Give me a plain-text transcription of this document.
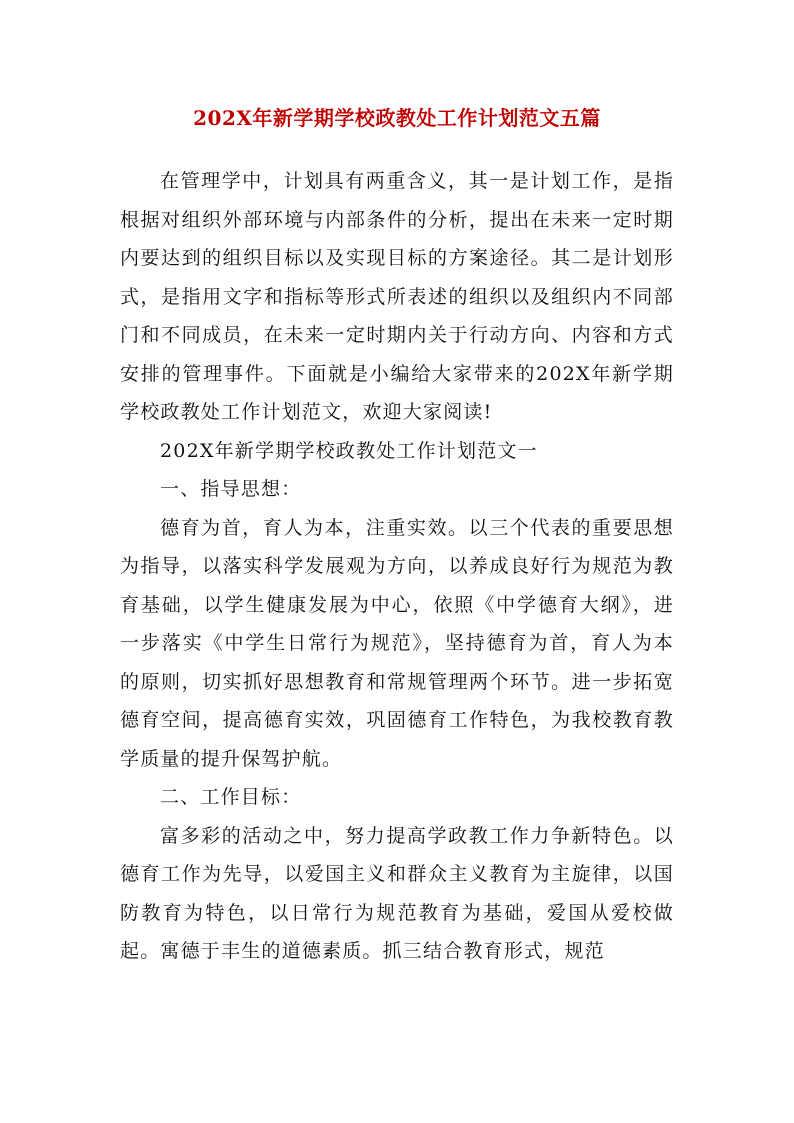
202X年新学期学校政教处工作计划范文五篇

在管理学中，计划具有两重含义，其一是计划工作，是指根据对组织外部环境与内部条件的分析，提出在未来一定时期内要达到的组织目标以及实现目标的方案途径。其二是计划形式，是指用文字和指标等形式所表述的组织以及组织内不同部门和不同成员，在未来一定时期内关于行动方向、内容和方式安排的管理事件。下面就是小编给大家带来的202X年新学期学校政教处工作计划范文，欢迎大家阅读!

202X年新学期学校政教处工作计划范文一

一、指导思想：

德育为首，育人为本，注重实效。以三个代表的重要思想为指导，以落实科学发展观为方向，以养成良好行为规范为教育基础，以学生健康发展为中心，依照《中学德育大纲》，进一步落实《中学生日常行为规范》，坚持德育为首，育人为本的原则，切实抓好思想教育和常规管理两个环节。进一步拓宽德育空间，提高德育实效，巩固德育工作特色，为我校教育教学质量的提升保驾护航。

二、工作目标：

富多彩的活动之中，努力提高学政教工作力争新特色。以德育工作为先导，以爱国主义和群众主义教育为主旋律，以国防教育为特色，以日常行为规范教育为基础，爱国从爱校做起。寓德于丰生的道德素质。抓三结合教育形式，规范
